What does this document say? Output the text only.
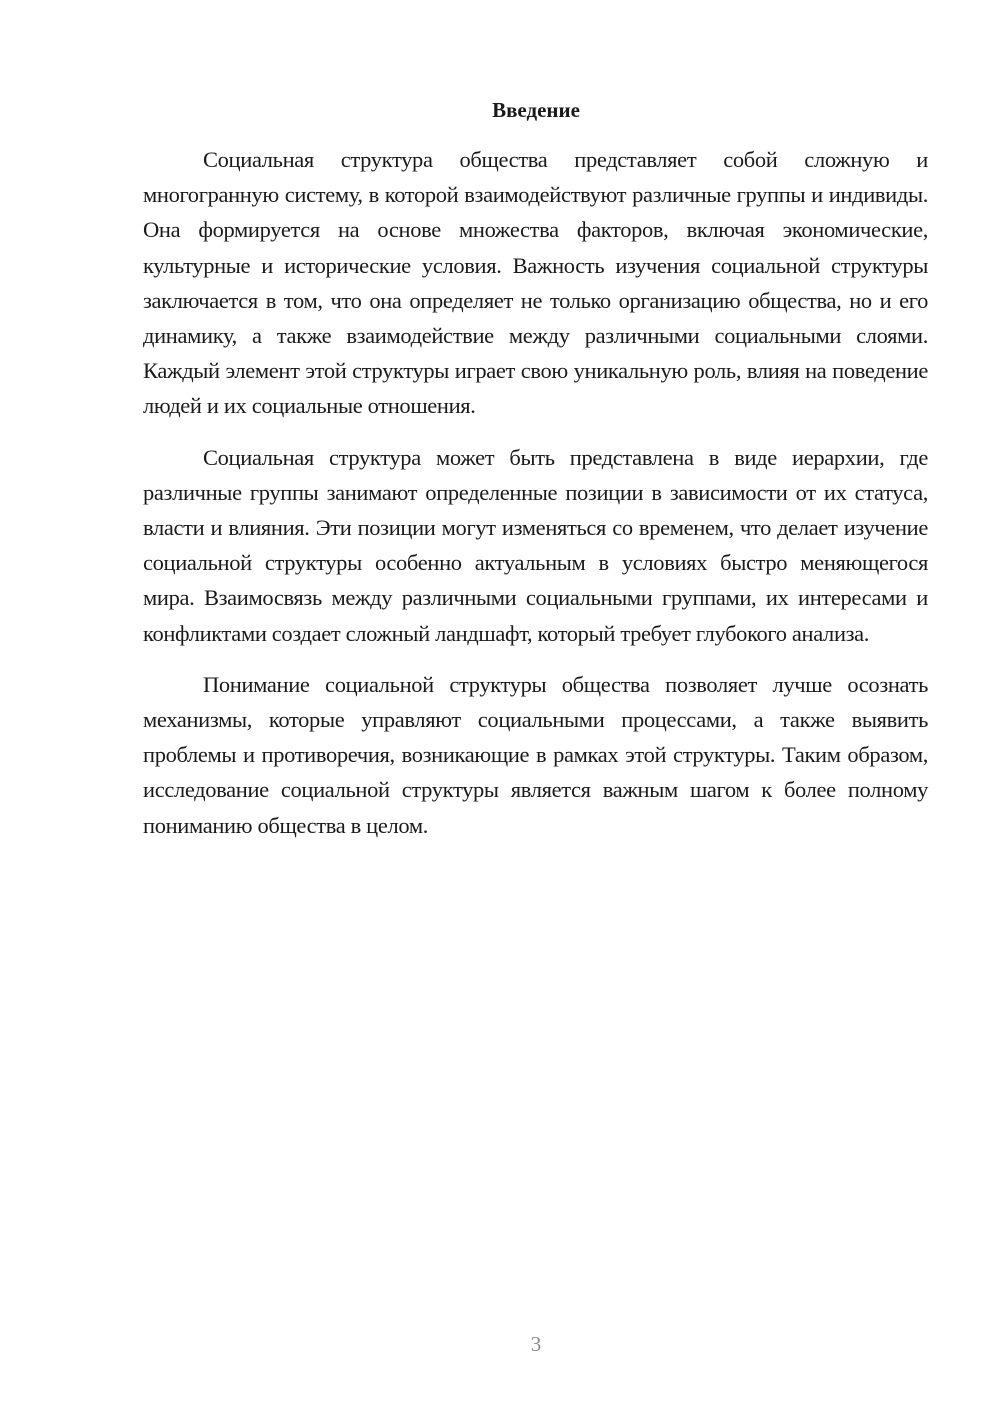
Введение

Социальная структура общества представляет собой сложную и многогранную систему, в которой взаимодействуют различные группы и индивиды. Она формируется на основе множества факторов, включая экономические, культурные и исторические условия. Важность изучения социальной структуры заключается в том, что она определяет не только организацию общества, но и его динамику, а также взаимодействие между различными социальными слоями. Каждый элемент этой структуры играет свою уникальную роль, влияя на поведение людей и их социальные отношения.

Социальная структура может быть представлена в виде иерархии, где различные группы занимают определенные позиции в зависимости от их статуса, власти и влияния. Эти позиции могут изменяться со временем, что делает изучение социальной структуры особенно актуальным в условиях быстро меняющегося мира. Взаимосвязь между различными социальными группами, их интересами и конфликтами создает сложный ландшафт, который требует глубокого анализа.

Понимание социальной структуры общества позволяет лучше осознать механизмы, которые управляют социальными процессами, а также выявить проблемы и противоречия, возникающие в рамках этой структуры. Таким образом, исследование социальной структуры является важным шагом к более полному пониманию общества в целом.

3
